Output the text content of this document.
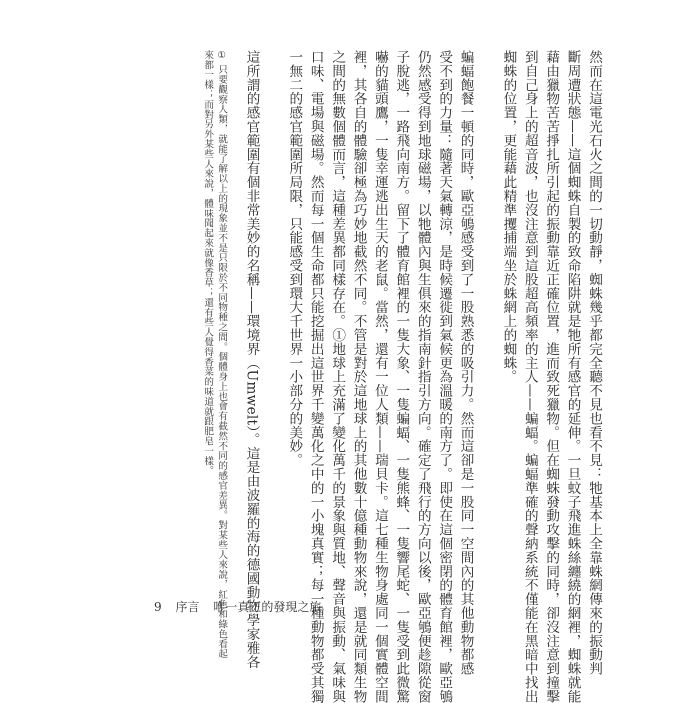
然而在這電光石火之間的一切動靜，蜘蛛幾乎都完全聽不見也看不見：牠基本上全靠蛛網傳來的振動判
斷周遭狀態——這個蜘蛛自製的致命陷阱就是牠所有感官的延伸。一旦蚊子飛進蛛絲纏繞的網裡，蜘蛛就能
藉由獵物苦苦掙扎所引起的振動靠近正確位置，進而致死獵物。但在蜘蛛發動攻擊的同時，卻沒注意到撞擊
到自己身上的超音波，也沒注意到這股超高頻率的主人——蝙蝠。蝙蝠準確的聲納系統不僅能在黑暗中找出
蜘蛛的位置，更能藉此精準攫捕端坐於蛛網上的蜘蛛。
蝙蝠飽餐一頓的同時，歐亞鴝感受到了一股熟悉的吸引力。然而這卻是一股同一空間內的其他動物都感
受不到的力量：隨著天氣轉涼，是時候遷徙到氣候更為溫暖的南方了。即使在這個密閉的體育館裡，歐亞鴝
仍然感受得到地球磁場，以牠體內與生俱來的指南針指引方向。確定了飛行的方向以後，歐亞鴝便趁隙從窗
子脫逃，一路飛向南方。留下了體育館裡的一隻大象、一隻蝙蝠、一隻熊蜂、一隻響尾蛇、一隻受到此微驚
嚇的貓頭鷹，一隻幸運逃出生天的老鼠。當然，還有一位人類——瑞貝卡。這七種生物身處同一個實體空間
裡，其各自的體驗卻極為巧妙地截然不同。不管是對於這地球上的其他數十億種動物來說，還是就同類生物
之間的無數個體而言，這種差異都同樣存在。①地球上充滿了變化萬千的景象與質地、聲音與振動、氣味與
口味、電場與磁場。然而每一個生命都只能挖掘出這世界千變萬化之中的一小塊真實；每一種動物都受其獨
一無二的感官範圍所局限，只能感受到環大千世界一小部分的美妙。
這所謂的感官範圍有個非常美妙的名稱——環境界（Umwelt）。這是由波羅的海的德國動物學家雅各
① 只要觀察人類，就能了解以上的現象並不是只限於不同物種之間。個體身上也會有截然不同的感官差異。對某些人來說，紅色和綠色看起
來都一樣；而對另外某些人來說，體味聞起來就像香草；還有些人覺得香菜的味道就跟肥皂一樣。
9 序言 唯一真正的發現之旅
